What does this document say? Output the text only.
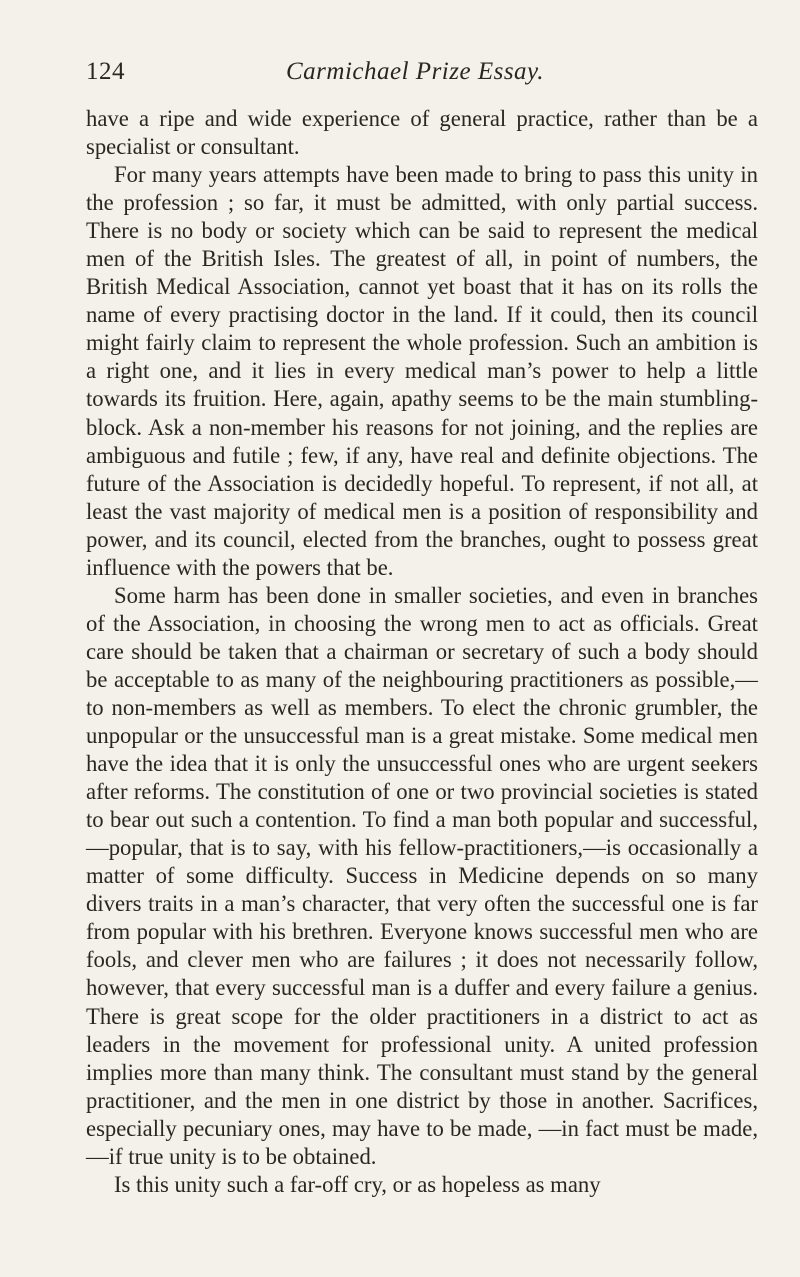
124	Carmichael Prize Essay.

have a ripe and wide experience of general practice, rather than be a specialist or consultant.

For many years attempts have been made to bring to pass this unity in the profession ; so far, it must be admitted, with only partial success. There is no body or society which can be said to represent the medical men of the British Isles. The greatest of all, in point of numbers, the British Medical Association, cannot yet boast that it has on its rolls the name of every practising doctor in the land. If it could, then its council might fairly claim to represent the whole profession. Such an ambition is a right one, and it lies in every medical man’s power to help a little towards its fruition. Here, again, apathy seems to be the main stumbling-block. Ask a non-member his reasons for not joining, and the replies are ambiguous and futile ; few, if any, have real and definite objections. The future of the Association is decidedly hopeful. To represent, if not all, at least the vast majority of medical men is a position of responsibility and power, and its council, elected from the branches, ought to possess great influence with the powers that be.

Some harm has been done in smaller societies, and even in branches of the Association, in choosing the wrong men to act as officials. Great care should be taken that a chairman or secretary of such a body should be acceptable to as many of the neighbouring practitioners as possible,—to non-members as well as members. To elect the chronic grumbler, the unpopular or the unsuccessful man is a great mistake. Some medical men have the idea that it is only the unsuccessful ones who are urgent seekers after reforms. The constitution of one or two provincial societies is stated to bear out such a contention. To find a man both popular and successful,—popular, that is to say, with his fellow-practitioners,—is occasionally a matter of some difficulty. Success in Medicine depends on so many divers traits in a man’s character, that very often the successful one is far from popular with his brethren. Everyone knows successful men who are fools, and clever men who are failures ; it does not necessarily follow, however, that every successful man is a duffer and every failure a genius. There is great scope for the older practitioners in a district to act as leaders in the movement for professional unity. A united profession implies more than many think. The consultant must stand by the general practitioner, and the men in one district by those in another. Sacrifices, especially pecuniary ones, may have to be made, —in fact must be made,—if true unity is to be obtained.

Is this unity such a far-off cry, or as hopeless as many
